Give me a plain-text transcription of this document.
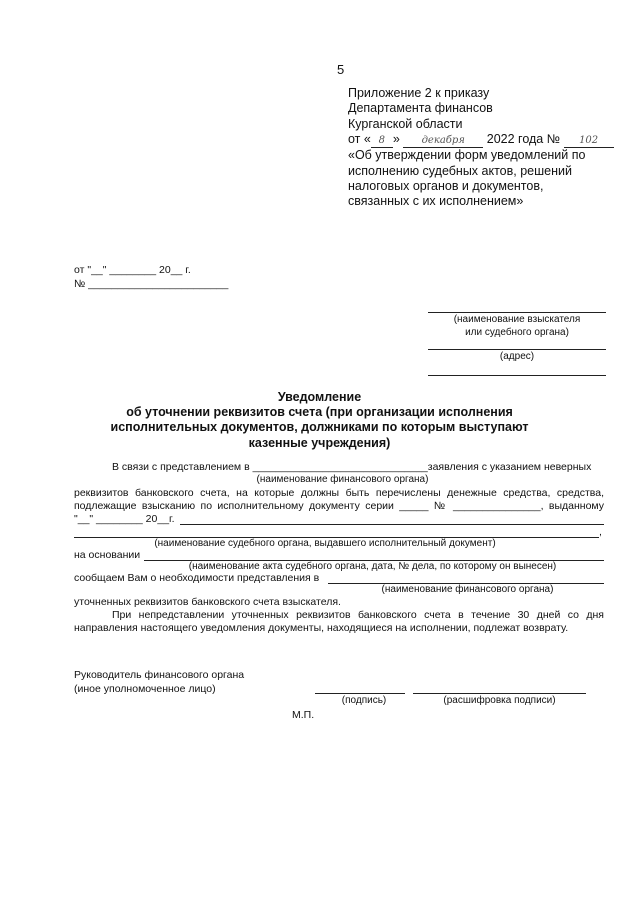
5
Приложение 2 к приказу
Департамента финансов
Курганской области
от « 8 » декабря 2022 года № 102
«Об утверждении форм уведомлений по
исполнению судебных актов, решений
налоговых органов и документов,
связанных с их исполнением»
от "__" ________ 20__ г.
№ ________________________
(наименование взыскателя
или судебного органа)
(адрес)
Уведомление
об уточнении реквизитов счета (при организации исполнения
исполнительных документов, должниками по которым выступают
казенные учреждения)
В связи с представлением в ______________________________заявления с указанием неверных
(наименование финансового органа)
реквизитов банковского счета, на которые должны быть перечислены денежные средства, средства,
подлежащие взысканию по исполнительному документу серии _____ № _______________, выданному
"__" ________ 20__г.
,
(наименование судебного органа, выдавшего исполнительный документ)
на основании
(наименование акта судебного органа, дата, № дела, по которому он вынесен)
сообщаем Вам о необходимости представления в
(наименование финансового органа)
уточненных реквизитов банковского счета взыскателя.
При непредставлении уточненных реквизитов банковского счета в течение 30 дней со дня
направления настоящего уведомления документы, находящиеся на исполнении, подлежат возврату.
Руководитель финансового органа
(иное уполномоченное лицо)
(подпись)	(расшифровка подписи)
М.П.
